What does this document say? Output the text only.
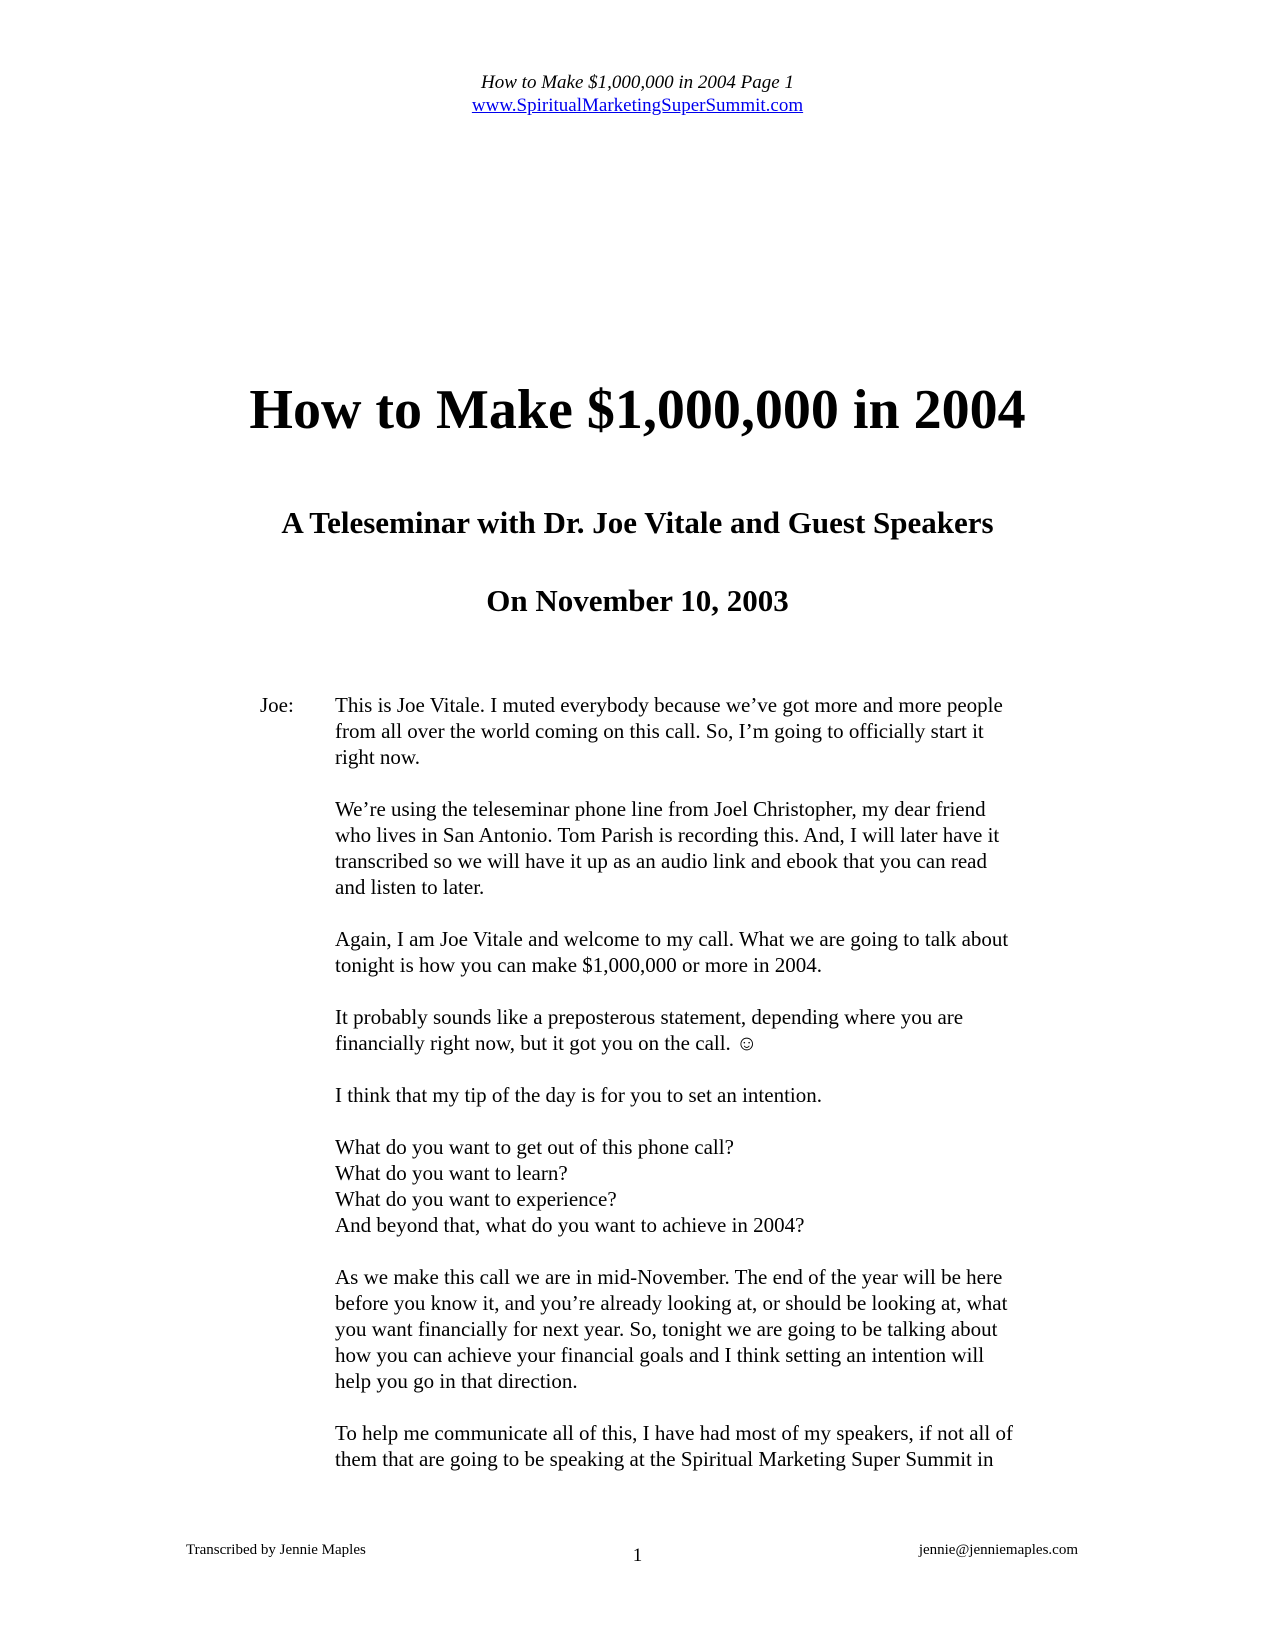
How to Make $1,000,000 in 2004 Page 1
www.SpiritualMarketingSuperSummit.com
How to Make $1,000,000 in 2004
A Teleseminar with Dr. Joe Vitale and Guest Speakers
On November 10, 2003
Joe: This is Joe Vitale. I muted everybody because we’ve got more and more people
from all over the world coming on this call. So, I’m going to officially start it
right now.

We’re using the teleseminar phone line from Joel Christopher, my dear friend
who lives in San Antonio. Tom Parish is recording this. And, I will later have it
transcribed so we will have it up as an audio link and ebook that you can read
and listen to later.

Again, I am Joe Vitale and welcome to my call. What we are going to talk about
tonight is how you can make $1,000,000 or more in 2004.

It probably sounds like a preposterous statement, depending where you are
financially right now, but it got you on the call. ☺

I think that my tip of the day is for you to set an intention.

What do you want to get out of this phone call?
What do you want to learn?
What do you want to experience?
And beyond that, what do you want to achieve in 2004?

As we make this call we are in mid-November. The end of the year will be here
before you know it, and you’re already looking at, or should be looking at, what
you want financially for next year. So, tonight we are going to be talking about
how you can achieve your financial goals and I think setting an intention will
help you go in that direction.

To help me communicate all of this, I have had most of my speakers, if not all of
them that are going to be speaking at the Spiritual Marketing Super Summit in

Transcribed by Jennie Maples	1	jennie@jenniemaples.com
